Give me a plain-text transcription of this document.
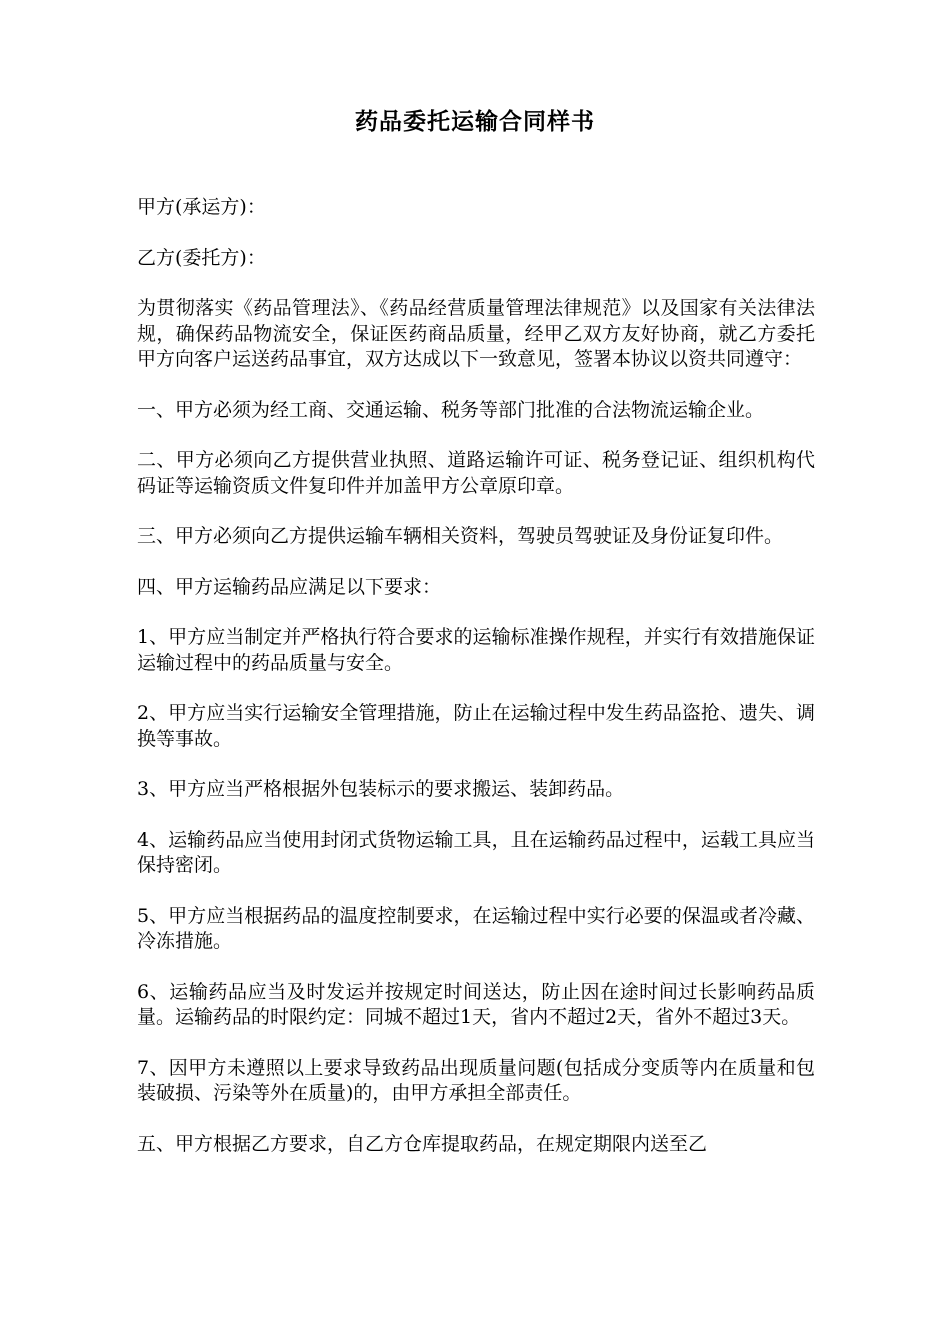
药品委托运输合同样书

甲方(承运方)：

乙方(委托方)：

为贯彻落实《药品管理法》、《药品经营质量管理法律规范》以及国家有关法律法规，确保药品物流安全，保证医药商品质量，经甲乙双方友好协商，就乙方委托甲方向客户运送药品事宜，双方达成以下一致意见，签署本协议以资共同遵守：

一、甲方必须为经工商、交通运输、税务等部门批准的合法物流运输企业。

二、甲方必须向乙方提供营业执照、道路运输许可证、税务登记证、组织机构代码证等运输资质文件复印件并加盖甲方公章原印章。

三、甲方必须向乙方提供运输车辆相关资料，驾驶员驾驶证及身份证复印件。

四、甲方运输药品应满足以下要求：

1、甲方应当制定并严格执行符合要求的运输标准操作规程，并实行有效措施保证运输过程中的药品质量与安全。

2、甲方应当实行运输安全管理措施，防止在运输过程中发生药品盗抢、遗失、调换等事故。

3、甲方应当严格根据外包装标示的要求搬运、装卸药品。

4、运输药品应当使用封闭式货物运输工具，且在运输药品过程中，运载工具应当保持密闭。

5、甲方应当根据药品的温度控制要求，在运输过程中实行必要的保温或者冷藏、冷冻措施。

6、运输药品应当及时发运并按规定时间送达，防止因在途时间过长影响药品质量。运输药品的时限约定：同城不超过1天，省内不超过2天，省外不超过3天。

7、因甲方未遵照以上要求导致药品出现质量问题(包括成分变质等内在质量和包装破损、污染等外在质量)的，由甲方承担全部责任。

五、甲方根据乙方要求，自乙方仓库提取药品，在规定期限内送至乙
